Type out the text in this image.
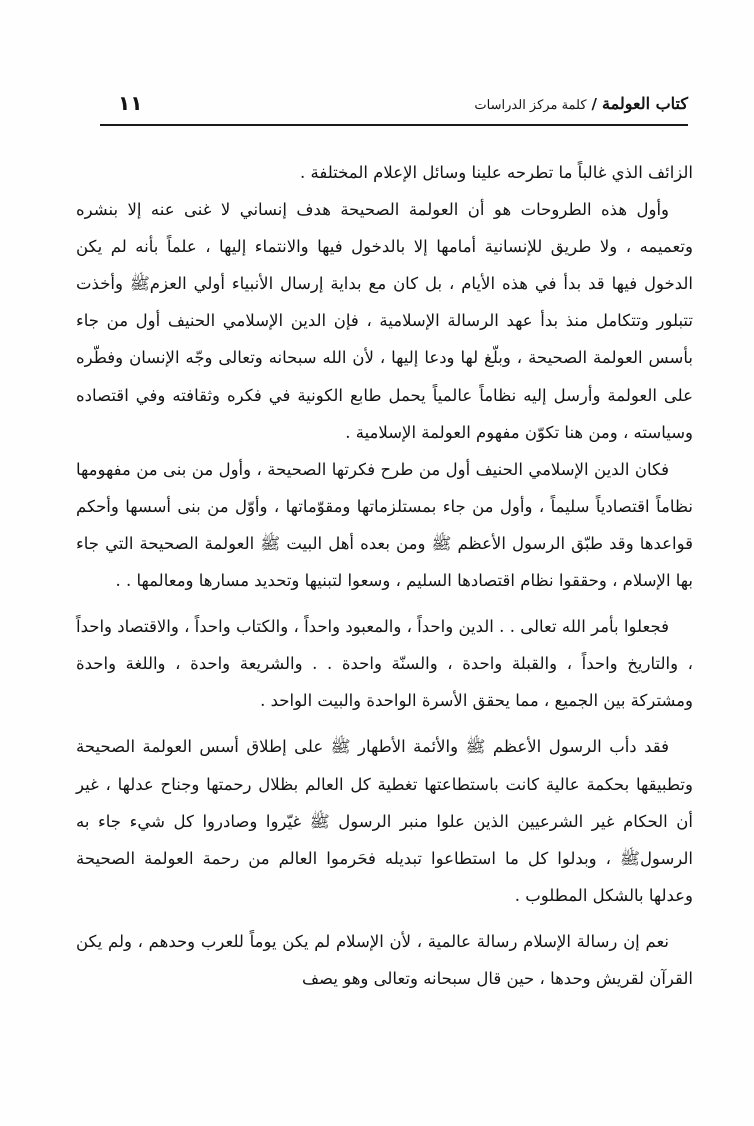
كتاب العولمة/كلمة مركز الدراسات
١١

الزائف الذي غالباً ما تطرحه علينا وسائل الإعلام المختلفة .

وأول هذه الطروحات هو أن العولمة الصحيحة هدف إنساني لا غنى عنه إلا بنشره وتعميمه ، ولا طريق للإنسانية أمامها إلا بالدخول فيها والانتماء إليها ، علماً بأنه لم يكن الدخول فيها قد بدأ في هذه الأيام ، بل كان مع بداية إرسال الأنبياء أولي العزمﷺ وأخذت تتبلور وتتكامل منذ بدأ عهد الرسالة الإسلامية ، فإن الدين الإسلامي الحنيف أول من جاء بأسس العولمة الصحيحة ، وبلّغ لها ودعا إليها ، لأن الله سبحانه وتعالى وجّه الإنسان وفطّره على العولمة وأرسل إليه نظاماً عالمياً يحمل طابع الكونية في فكره وثقافته وفي اقتصاده وسياسته ، ومن هنا تكوّن مفهوم العولمة الإسلامية .

فكان الدين الإسلامي الحنيف أول من طرح فكرتها الصحيحة ، وأول من بنى من مفهومها نظاماً اقتصادياً سليماً ، وأول من جاء بمستلزماتها ومقوّماتها ، وأوّل من بنى أسسها وأحكم قواعدها وقد طبّق الرسول الأعظم ﷺ ومن بعده أهل البيت ﷺ العولمة الصحيحة التي جاء بها الإسلام ، وحققوا نظام اقتصادها السليم ، وسعوا لتبنيها وتحديد مسارها ومعالمها . .

فجعلوا بأمر الله تعالى . . الدين واحداً ، والمعبود واحداً ، والكتاب واحداً ، والاقتصاد واحداً ، والتاريخ واحداً ، والقبلة واحدة ، والسنّة واحدة . . والشريعة واحدة ، واللغة واحدة ومشتركة بين الجميع ، مما يحقق الأسرة الواحدة والبيت الواحد .

فقد دأب الرسول الأعظم ﷺ والأئمة الأطهار ﷺ على إطلاق أسس العولمة الصحيحة وتطبيقها بحكمة عالية كانت باستطاعتها تغطية كل العالم بظلال رحمتها وجناح عدلها ، غير أن الحكام غير الشرعيين الذين علوا منبر الرسول ﷺ غيّروا وصادروا كل شيء جاء به الرسولﷺ ، وبدلوا كل ما استطاعوا تبديله فحَرموا العالم من رحمة العولمة الصحيحة وعدلها بالشكل المطلوب .

نعم إن رسالة الإسلام رسالة عالمية ، لأن الإسلام لم يكن يوماً للعرب وحدهم ، ولم يكن القرآن لقريش وحدها ، حين قال سبحانه وتعالى وهو يصف
